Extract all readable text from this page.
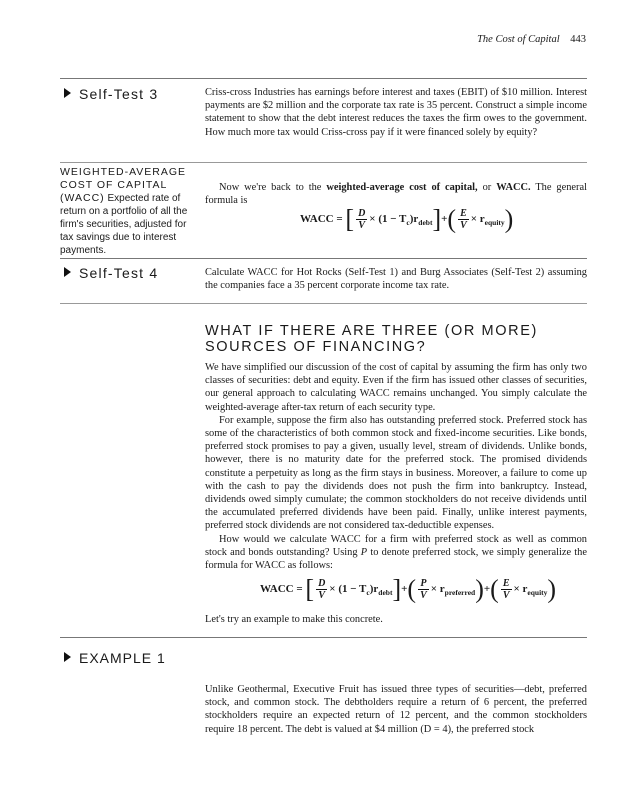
The Cost of Capital 443
Self-Test 3	Criss-cross Industries has earnings before interest and taxes (EBIT) of $10 million. Interest payments are $2 million and the corporate tax rate is 35 percent. Construct a simple income statement to show that the debt interest reduces the taxes the firm owes to the government. How much more tax would Criss-cross pay if it were financed solely by equity?
WEIGHTED-AVERAGE COST OF CAPITAL (WACC) Expected rate of return on a portfolio of all the firm's securities, adjusted for tax savings due to interest payments.
Now we're back to the weighted-average cost of capital, or WACC. The general formula is
WACC = [ $\frac{D}{V} \times (1 - T_c)r_{debt}]+( \frac{E}{V} \times r_{equity})$
Self-Test 4	Calculate WACC for Hot Rocks (Self-Test 1) and Burg Associates (Self-Test 2) assuming the companies face a 35 percent corporate income tax rate.
WHAT IF THERE ARE THREE (OR MORE)
SOURCES OF FINANCING?

We have simplified our discussion of the cost of capital by assuming the firm has only two classes of securities: debt and equity. Even if the firm has issued other classes of securities, our general approach to calculating WACC remains unchanged. You simply calculate the weighted-average after-tax return of each security type.

For example, suppose the firm also has outstanding preferred stock. Preferred stock has some of the characteristics of both common stock and fixed-income securities. Like bonds, preferred stock promises to pay a given, usually level, stream of dividends. Unlike bonds, however, there is no maturity date for the preferred stock. The promised dividends constitute a perpetuity as long as the firm stays in business. Moreover, a failure to come up with the cash to pay the dividends does not push the firm into bankruptcy. Instead, dividends owed simply cumulate; the common stockholders do not receive dividends until the accumulated preferred dividends have been paid. Finally, unlike interest payments, preferred stock dividends are not considered tax-deductible expenses.

How would we calculate WACC for a firm with preferred stock as well as common stock and bonds outstanding? Using P to denote preferred stock, we simply generalize the formula for WACC as follows:

WACC = [ $\frac{D}{V} \times (1 - T_c)r_{debt}]+( \frac{P}{V} \times r_{preferred})+( \frac{E}{V} \times r_{equity})$

Let's try an example to make this concrete.

EXAMPLE 1
Unlike Geothermal, Executive Fruit has issued three types of securities—debt, preferred stock, and common stock. The debtholders require a return of 6 percent, the preferred stockholders require an expected return of 12 percent, and the common stockholders require 18 percent. The debt is valued at $4 million (D = 4), the preferred stock
